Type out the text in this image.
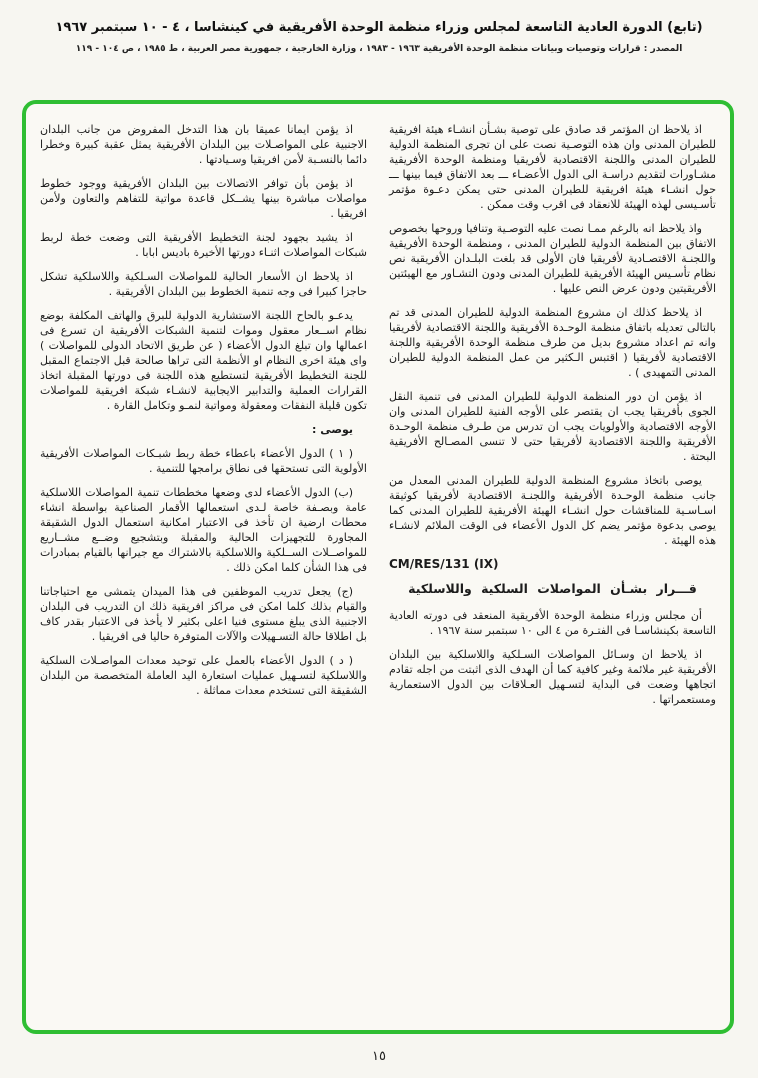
(تابع) الدورة العادية التاسعة لمجلس وزراء منظمة الوحدة الأفريقية في كينشاسا ، ٤ - ١٠ سبتمبر ١٩٦٧
المصدر : قرارات وتوصيات وبيانات منظمة الوحدة الأفريقية ١٩٦٣ - ١٩٨٣ ، وزارة الخارجية ، جمهورية مصر العربية ، ط ١٩٨٥ ، ص ١٠٤ - ١١٩

اذ يلاحظ ان المؤتمر قد صادق على توصية بشـأن انشـاء هيئة افريقية للطيران المدنى وان هذه التوصـية نصت على ان تجرى المنظمة الدولية للطيران المدنى واللجنة الاقتصادية لأفريقيا ومنظمة الوحدة الأفريقية مشـاورات لتقديم دراسـة الى الدول الأعضـاء ـــ بعد الاتفاق فيما بينها ـــ حول انشـاء هيئة افريقية للطيران المدنى حتى يمكن دعـوة مؤتمر تأسـيسى لهذه الهيئة للانعقاد فى اقرب وقت ممكن .

واذ يلاحظ انه بالرغم ممـا نصت عليه التوصـية وتنافيا وروحها بخصوص الاتفاق بين المنظمة الدولية للطيران المدنى ، ومنظمة الوحدة الأفريقية واللجنـة الاقتصـادية لأفريقيا فان الأولى قد بلغت البلـدان الأفريقية نص نظام تأسـيس الهيئة الأفريقية للطيران المدنى ودون التشـاور مع الهيئتين الأفريقيتين ودون عرض النص عليها .

اذ يلاحظ كذلك ان مشروع المنظمة الدولية للطيران المدنى قد تم بالتالى تعديله باتفاق منظمة الوحـدة الأفريقية واللجنة الاقتصادية لأفريقيا وانه تم اعداد مشروع بديل من طرف منظمة الوحدة الأفريقية واللجنة الاقتصادية لأفريقيا ( اقتبس الـكثير من عمل المنظمة الدولية للطيران المدنى التمهيدى ) .

اذ يؤمن ان دور المنظمة الدولية للطيران المدنى فى تنمية النقل الجوى بأفريقيا يجب ان يقتصر على الأوجه الفنية للطيران المدنى وان الأوجه الاقتصادية والأولويات يجب ان تدرس من طـرف منظمة الوحـدة الأفريقية واللجنة الاقتصادية لأفريقيا حتى لا تنسى المصـالح الأفريقية البحتة .

يوصى باتخاذ مشروع المنظمة الدولية للطيران المدنى المعدل من جانب منظمة الوحـدة الأفريقية واللجنـة الاقتصادية لأفريقيا كوثيقة اسـاسـية للمناقشات حول انشـاء الهيئة الأفريقية للطيران المدنى كما يوصى بدعوة مؤتمر يضم كل الدول الأعضاء فى الوقت الملائم لانشـاء هذه الهيئة .

CM/RES/131 (IX)

قـــرار بشـأن المواصلات السلكية واللاسلكية

أن مجلس وزراء منظمة الوحدة الأفريقية المنعقد فى دورته العادية التاسعة بكينشاسـا فى الفتـرة من ٤ الى ١٠ سبتمبر سنة ١٩٦٧ .

اذ يلاحظ ان وسـائل المواصلات السـلكية واللاسلكية بين البلدان الأفريقية غير ملائمة وغير كافية كما أن الهدف الذى اثبتت من اجله تقادم اتجاهها وضعت فى البداية لتسـهيل العـلاقات بين الدول الاستعمارية ومستعمراتها .

اذ يؤمن ايمانا عميقا بان هذا التدخل المفروض من جانب البلدان الاجنبية على المواصـلات بين البلدان الأفريقية يمثل عقبة كبيرة وخطرا دائما بالنسـبة لأمن افريقيا وسـيادتها .

اذ يؤمن بأن توافر الاتصالات بين البلدان الأفريقية ووجود خطوط مواصلات مباشرة بينها يشــكل قاعدة مواتية للتفاهم والتعاون ولأمن افريقيا .

اذ يشيد بجهود لجنة التخطيط الأفريقية التى وضعت خطة لربط شبكات المواصلات اثنـاء دورتها الأخيرة باديس ابابا .

اذ يلاحظ ان الأسعار الحالية للمواصلات السـلكية واللاسلكية تشكل حاجزا كبيرا فى وجه تنمية الخطوط بين البلدان الأفريقية .

يدعـو بالحاح اللجنة الاستشارية الدولية للبرق والهاتف المكلفة بوضع نظام اســعار معقول وموات لتنمية الشبكات الأفريقية ان تسرع فى اعمالها وان تبلغ الدول الأعضاء ( عن طريق الاتحاد الدولى للمواصلات ) واى هيئة اخرى النظام او الأنظمة التى تراها صالحة قبل الاجتماع المقبل للجنة التخطيط الأفريقية لتستطيع هذه اللجنة فى دورتها المقبلة اتخاذ القرارات العملية والتدابير الايجابية لانشـاء شبكة افريقية للمواصلات تكون قليلة النفقات ومعقولة ومواتية لنمـو وتكامل القارة .

يوصى :

( ١ ) الدول الأعضاء باعطاء خطة ربط شبـكات المواصلات الأفريقية الأولوية التى تستحقها فى نطاق برامجها للتنمية .

(ب) الدول الأعضاء لدى وضعها مخططات تنمية المواصلات اللاسلكية عامة وبصـفة خاصة لـدى استعمالها الأقمار الصناعية بواسطة انشاء محطات ارضية ان تأخذ فى الاعتبار امكانية استعمال الدول الشقيقة المجاورة للتجهيزات الحالية والمقبلة وبتشجيع وضــع مشــاريع للمواصــلات الســلكية واللاسلكية بالاشتراك مع جيرانها بالقيام بمبادرات فى هذا الشأن كلما امكن ذلك .

(ج) يجعل تدريب الموظفين فى هذا الميدان يتمشى مع احتياجاتنا والقيام بذلك كلما امكن فى مراكز افريقية ذلك ان التدريب فى البلدان الاجنبية الذى يبلغ مستوى فنيا اعلى بكثير لا يأخذ فى الاعتبار بقدر كاف بل اطلاقا حالة التسـهيلات والآلات المتوفرة حاليا فى افريقيا .

( د ) الدول الأعضاء بالعمل على توحيد معدات المواصـلات السلكية واللاسلكية لتسـهيل عمليات استعارة اليد العاملة المتخصصة من البلدان الشقيقة التى تستخدم معدات مماثلة .

١٥
